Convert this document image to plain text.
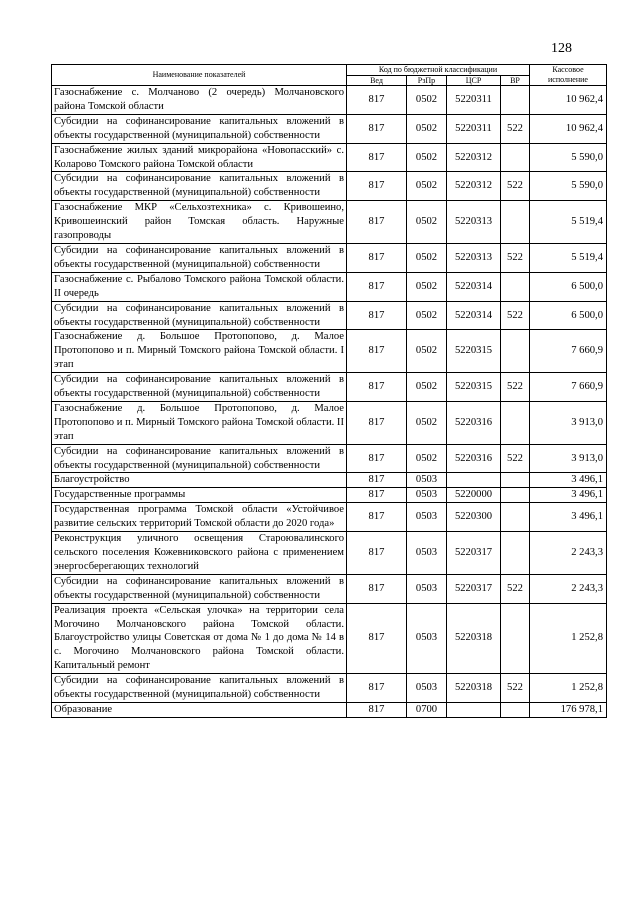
128
Наименование показателей	Код по бюджетной классификации				Кассовое исполнение
	Вед	РзПр	ЦСР	ВР	
Газоснабжение с. Молчаново (2 очередь) Молчановского района Томской области	817	0502	5220311		10 962,4
Субсидии на софинансирование капитальных вложений в объекты государственной (муниципальной) собственности	817	0502	5220311	522	10 962,4
Газоснабжение жилых зданий микрорайона «Новопасский» с. Коларово Томского района Томской области	817	0502	5220312		5 590,0
Субсидии на софинансирование капитальных вложений в объекты государственной (муниципальной) собственности	817	0502	5220312	522	5 590,0
Газоснабжение МКР «Сельхозтехника» с. Кривошеино, Кривошеинский район Томская область. Наружные газопроводы	817	0502	5220313		5 519,4
Субсидии на софинансирование капитальных вложений в объекты государственной (муниципальной) собственности	817	0502	5220313	522	5 519,4
Газоснабжение с. Рыбалово Томского района Томской области. II очередь	817	0502	5220314		6 500,0
Субсидии на софинансирование капитальных вложений в объекты государственной (муниципальной) собственности	817	0502	5220314	522	6 500,0
Газоснабжение д. Большое Протопопово, д. Малое Протопопово и п. Мирный Томского района Томской области. I этап	817	0502	5220315		7 660,9
Субсидии на софинансирование капитальных вложений в объекты государственной (муниципальной) собственности	817	0502	5220315	522	7 660,9
Газоснабжение д. Большое Протопопово, д. Малое Протопопово и п. Мирный Томского района Томской области. II этап	817	0502	5220316		3 913,0
Субсидии на софинансирование капитальных вложений в объекты государственной (муниципальной) собственности	817	0502	5220316	522	3 913,0
Благоустройство	817	0503			3 496,1
Государственные программы	817	0503	5220000		3 496,1
Государственная программа Томской области «Устойчивое развитие сельских территорий Томской области до 2020 года»	817	0503	5220300		3 496,1
Реконструкция уличного освещения Староювалинского сельского поселения Кожевниковского района с применением энергосберегающих технологий	817	0503	5220317		2 243,3
Субсидии на софинансирование капитальных вложений в объекты государственной (муниципальной) собственности	817	0503	5220317	522	2 243,3
Реализация проекта «Сельская улочка» на территории села Могочино Молчановского района Томской области. Благоустройство улицы Советская от дома № 1 до дома № 14 в с. Могочино Молчановского района Томской области. Капитальный ремонт	817	0503	5220318		1 252,8
Субсидии на софинансирование капитальных вложений в объекты государственной (муниципальной) собственности	817	0503	5220318	522	1 252,8
Образование	817	0700			176 978,1
